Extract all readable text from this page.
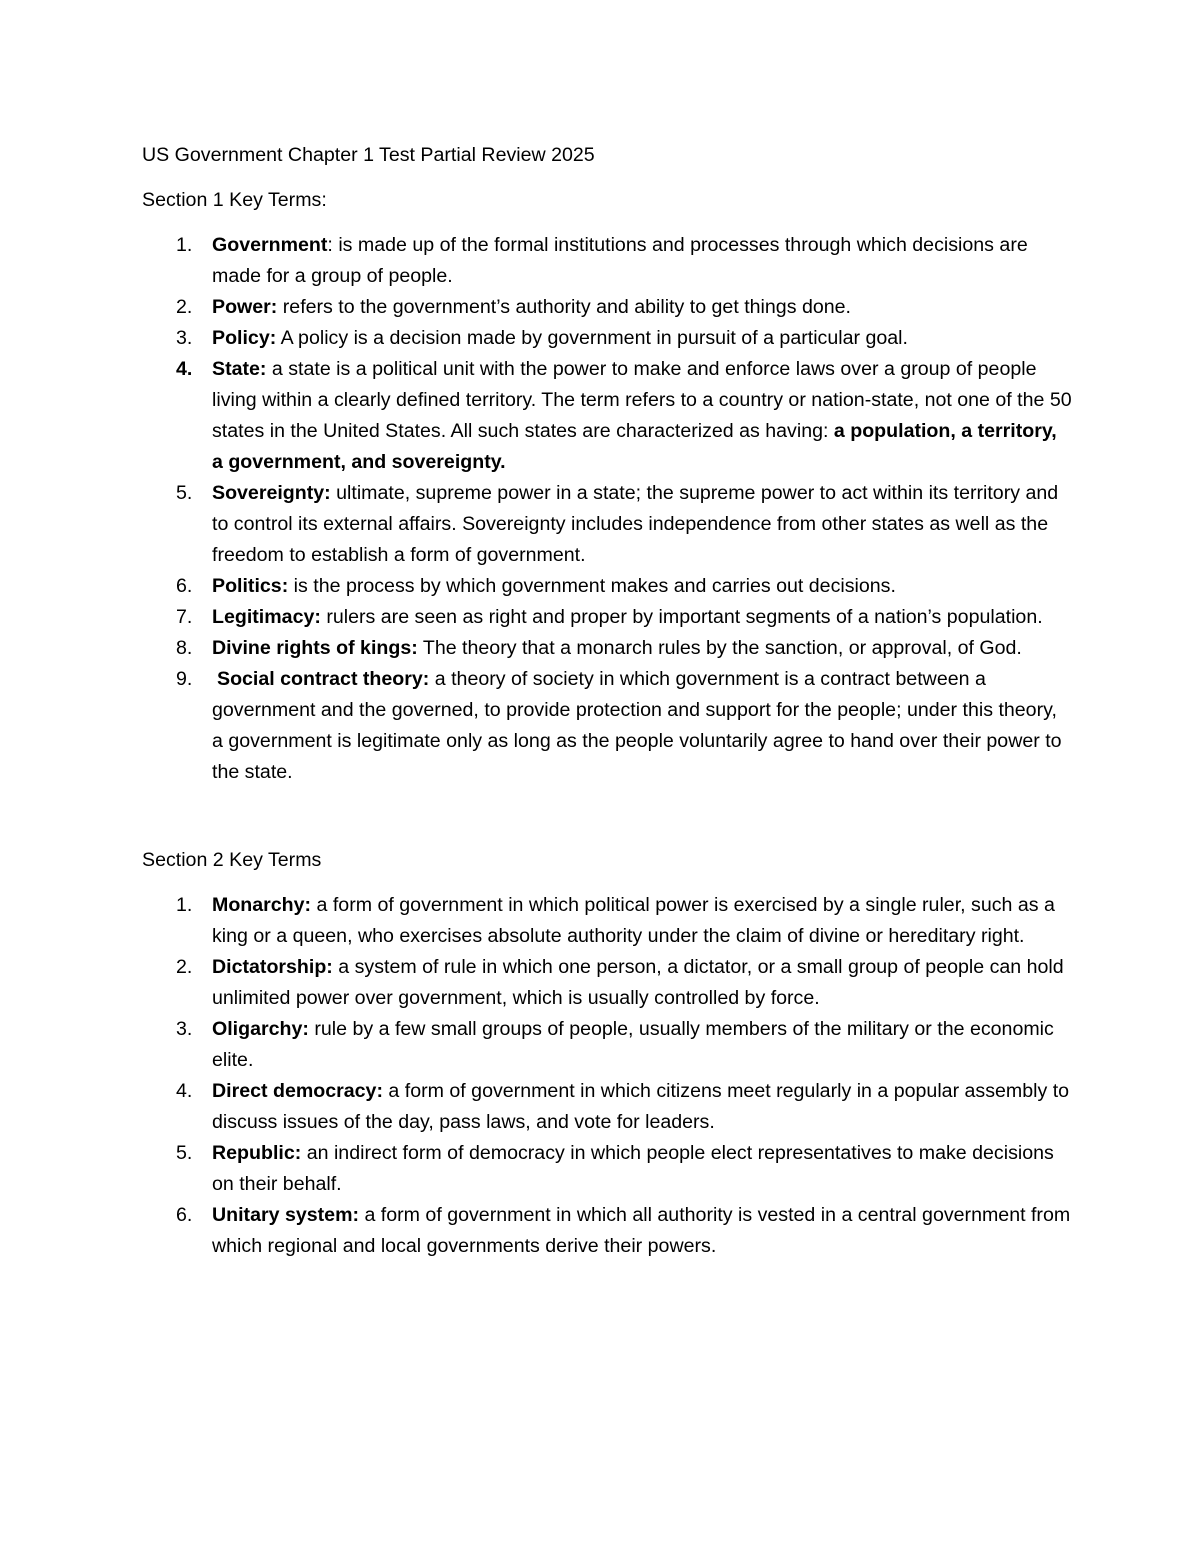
US Government Chapter 1 Test Partial Review 2025
Section 1 Key Terms:
1. Government: is made up of the formal institutions and processes through which decisions are made for a group of people.
2. Power: refers to the government’s authority and ability to get things done.
3. Policy: A policy is a decision made by government in pursuit of a particular goal.
4. State: a state is a political unit with the power to make and enforce laws over a group of people living within a clearly defined territory. The term refers to a country or nation-state, not one of the 50 states in the United States. All such states are characterized as having: a population, a territory, a government, and sovereignty.
5. Sovereignty: ultimate, supreme power in a state; the supreme power to act within its territory and to control its external affairs. Sovereignty includes independence from other states as well as the freedom to establish a form of government.
6. Politics: is the process by which government makes and carries out decisions.
7. Legitimacy: rulers are seen as right and proper by important segments of a nation’s population.
8. Divine rights of kings: The theory that a monarch rules by the sanction, or approval, of God.
9. Social contract theory: a theory of society in which government is a contract between a government and the governed, to provide protection and support for the people; under this theory, a government is legitimate only as long as the people voluntarily agree to hand over their power to the state.
Section 2 Key Terms
1. Monarchy: a form of government in which political power is exercised by a single ruler, such as a king or a queen, who exercises absolute authority under the claim of divine or hereditary right.
2. Dictatorship: a system of rule in which one person, a dictator, or a small group of people can hold unlimited power over government, which is usually controlled by force.
3. Oligarchy: rule by a few small groups of people, usually members of the military or the economic elite.
4. Direct democracy: a form of government in which citizens meet regularly in a popular assembly to discuss issues of the day, pass laws, and vote for leaders.
5. Republic: an indirect form of democracy in which people elect representatives to make decisions on their behalf.
6. Unitary system: a form of government in which all authority is vested in a central government from which regional and local governments derive their powers.
